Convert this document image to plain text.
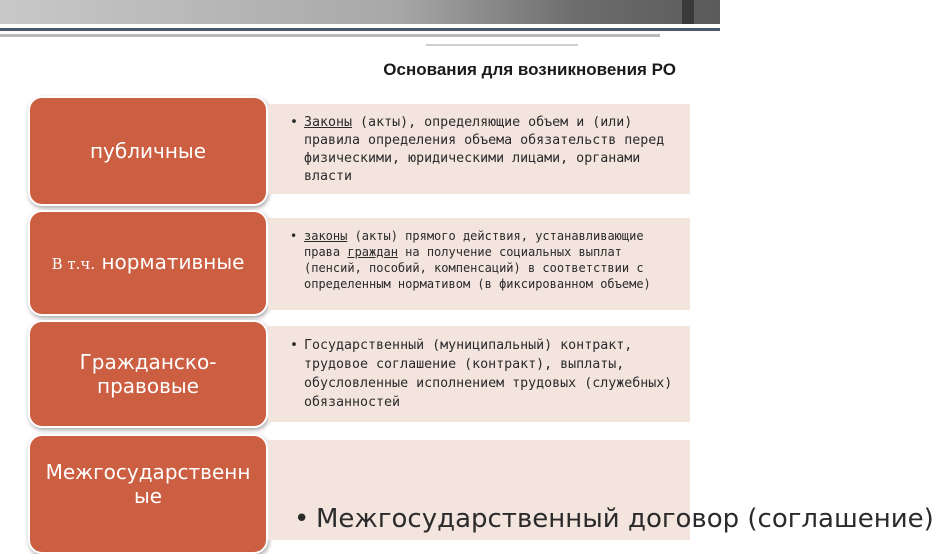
Основания для возникновения РО
публичные
• Законы (акты), определяющие объем и (или) правила определения объема обязательств перед физическими, юридическими лицами, органами власти
В т.ч. нормативные
• законы (акты) прямого действия, устанавливающие права граждан на получение социальных выплат (пенсий, пособий, компенсаций) в соответствии с определенным нормативом (в фиксированном объеме)
Гражданско-правовые
• Государственный (муниципальный) контракт, трудовое соглашение (контракт), выплаты, обусловленные исполнением трудовых (служебных) обязанностей
Межгосударственные
• Межгосударственный договор (соглашение)
